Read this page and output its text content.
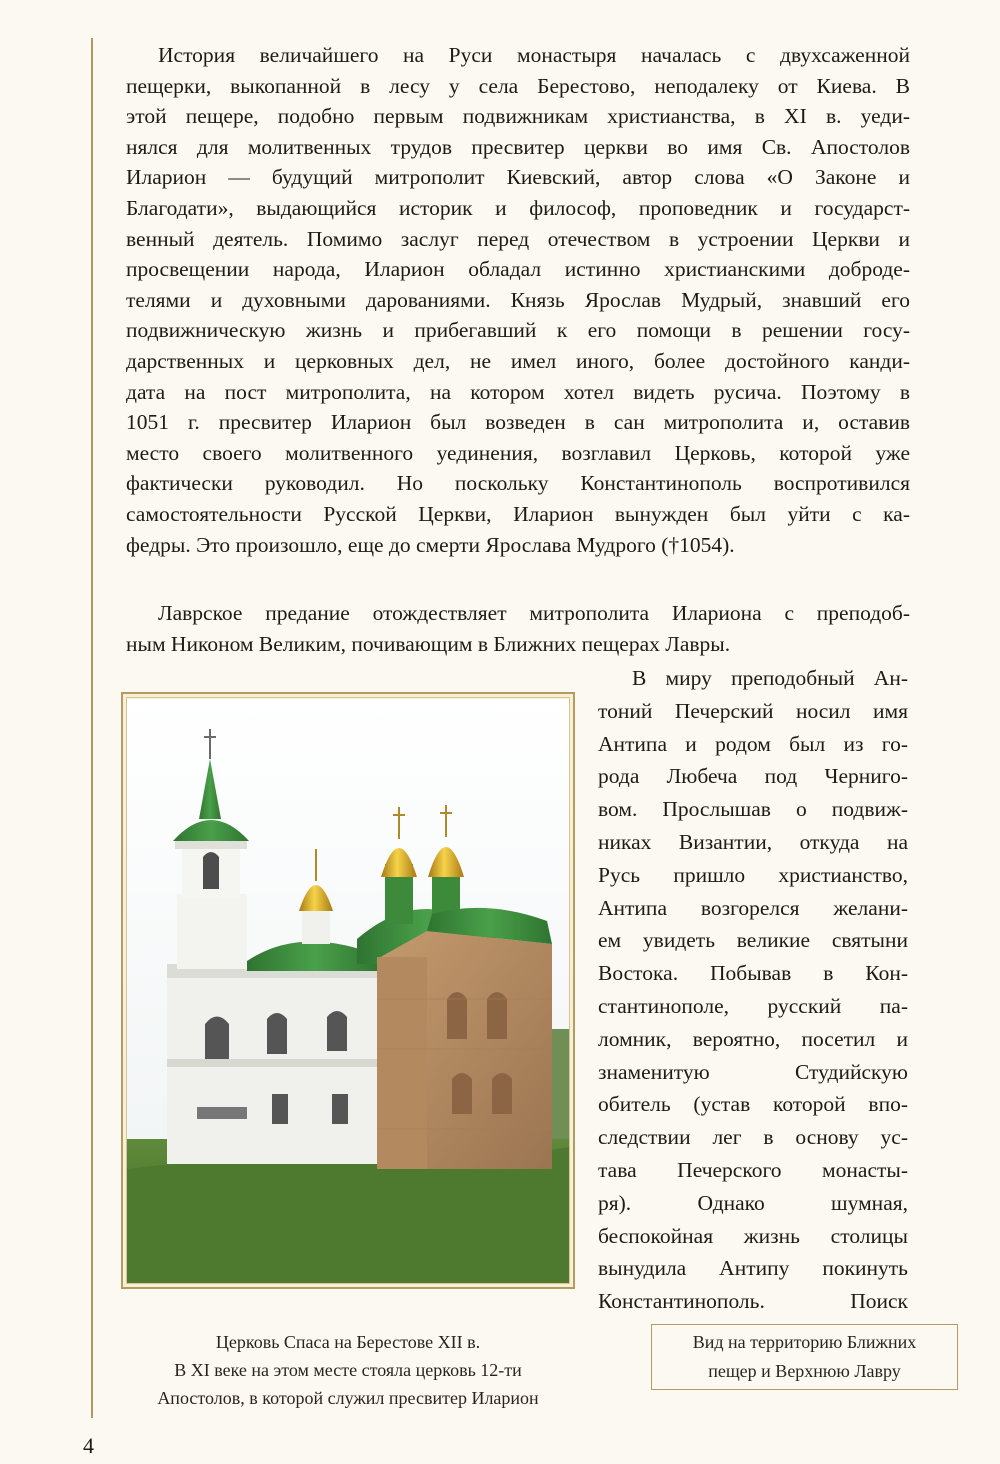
История величайшего на Руси монастыря началась с двухсаженной
пещерки, выкопанной в лесу у села Берестово, неподалеку от Киева. В
этой пещере, подобно первым подвижникам христианства, в XI в. уеди-
нялся для молитвенных трудов пресвитер церкви во имя Св. Апостолов
Иларион — будущий митрополит Киевский, автор слова «О Законе и
Благодати», выдающийся историк и философ, проповедник и государст-
венный деятель. Помимо заслуг перед отечеством в устроении Церкви и
просвещении народа, Иларион обладал истинно христианскими доброде-
телями и духовными дарованиями. Князь Ярослав Мудрый, знавший его
подвижническую жизнь и прибегавший к его помощи в решении госу-
дарственных и церковных дел, не имел иного, более достойного канди-
дата на пост митрополита, на котором хотел видеть русича. Поэтому в
1051 г. пресвитер Иларион был возведен в сан митрополита и, оставив
место своего молитвенного уединения, возглавил Церковь, которой уже
фактически руководил. Но поскольку Константинополь воспротивился
самостоятельности Русской Церкви, Иларион вынужден был уйти с ка-
федры. Это произошло, еще до смерти Ярослава Мудрого (†1054).
Лаврское предание отождествляет митрополита Илариона с преподоб-
ным Никоном Великим, почивающим в Ближних пещерах Лавры.
В миру преподобный Ан-
тоний Печерский носил имя
Антипа и родом был из го-
рода Любеча под Черниго-
вом. Прослышав о подвиж-
никах Византии, откуда на
Русь пришло христианство,
Антипа возгорелся желани-
ем увидеть великие святыни
Востока. Побывав в Кон-
стантинополе, русский па-
ломник, вероятно, посетил и
знаменитую Студийскую
обитель (устав которой впо-
следствии лег в основу ус-
тава Печерского монасты-
ря). Однако шумная,
беспокойная жизнь столицы
вынудила Антипу покинуть
Константинополь. Поиск
Церковь Спаса на Берестове XII в.
В XI веке на этом месте стояла церковь 12-ти
Апостолов, в которой служил пресвитер Иларион
Вид на территорию Ближних
пещер и Верхнюю Лавру
4
